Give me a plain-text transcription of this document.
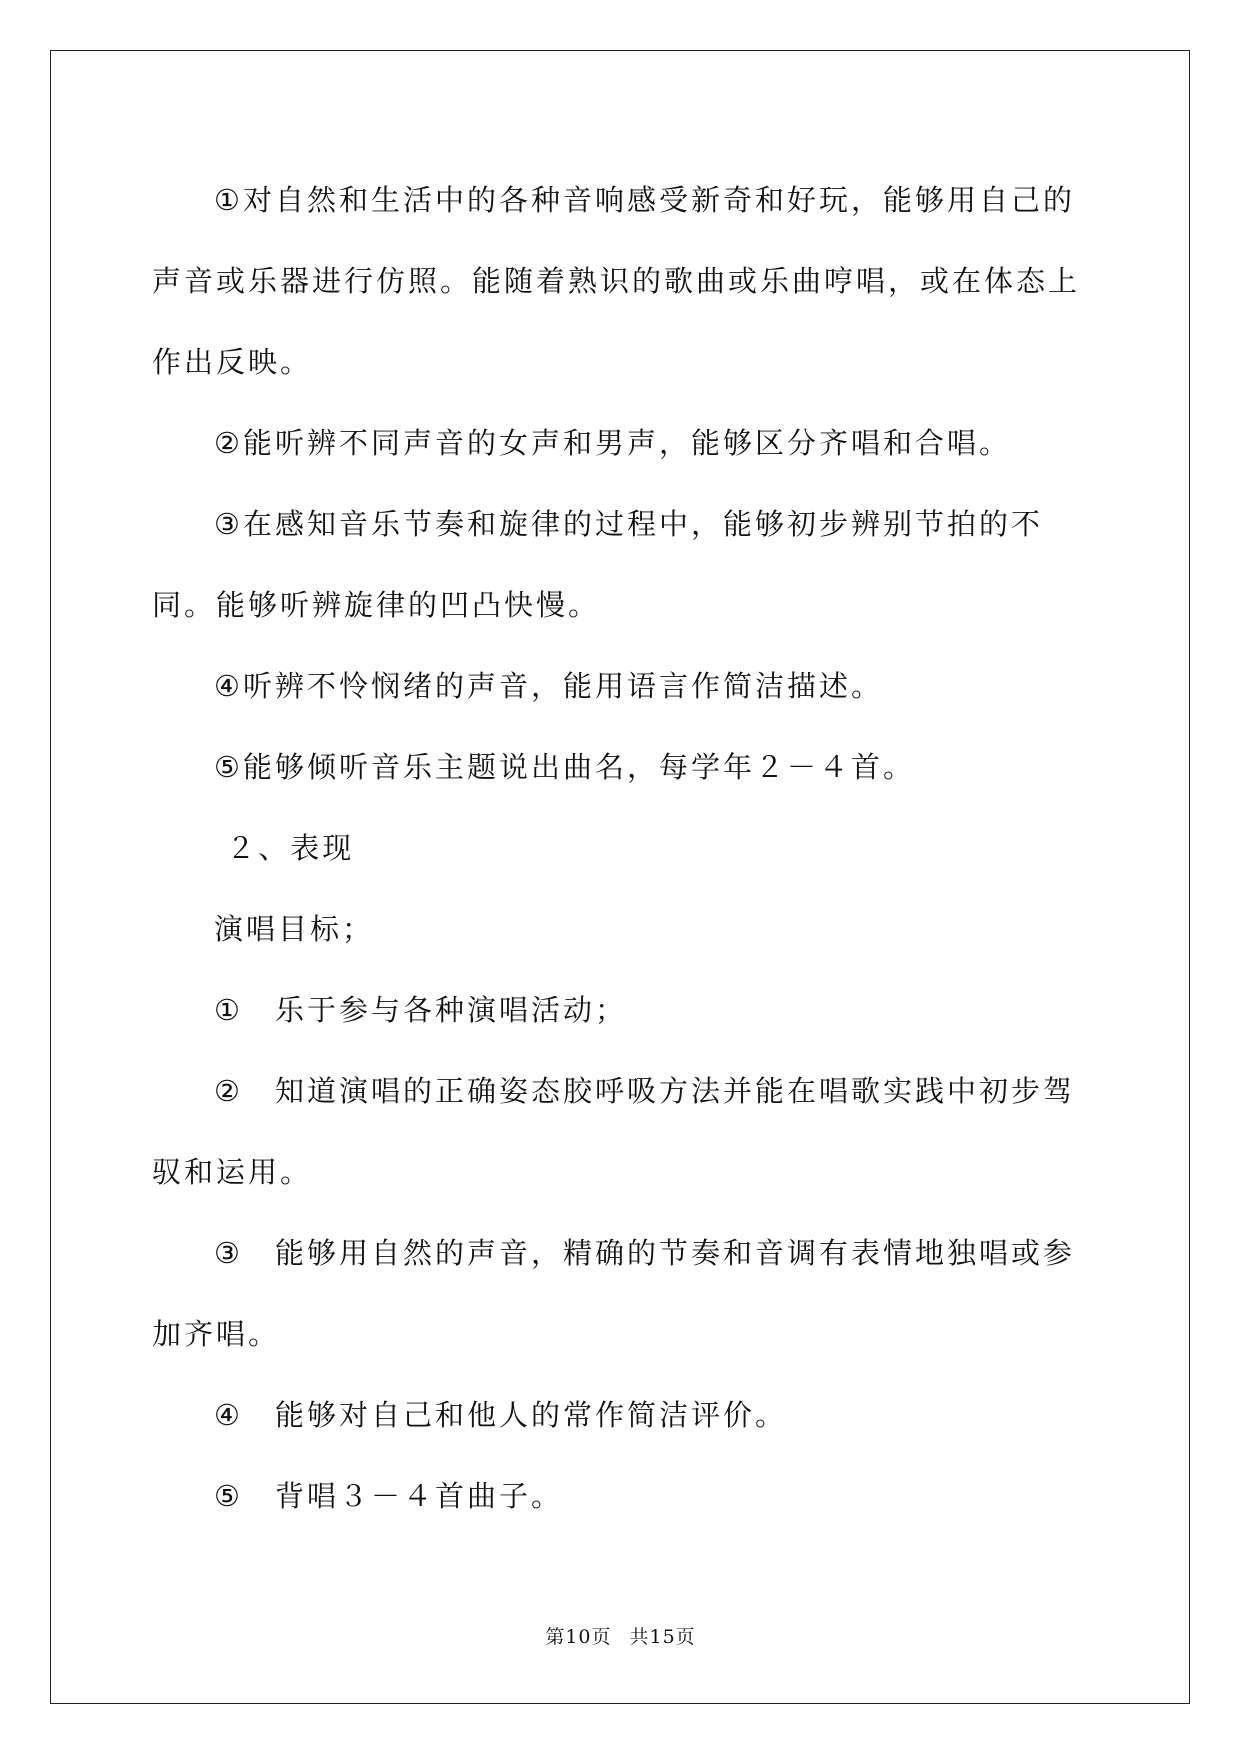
①对自然和生活中的各种音响感受新奇和好玩，能够用自己的声音或乐器进行仿照。能随着熟识的歌曲或乐曲哼唱，或在体态上作出反映。

②能听辨不同声音的女声和男声，能够区分齐唱和合唱。

③在感知音乐节奏和旋律的过程中，能够初步辨别节拍的不同。能够听辨旋律的凹凸快慢。

④听辨不怜悯绪的声音，能用语言作简洁描述。

⑤能够倾听音乐主题说出曲名，每学年２－４首。

２、表现

演唱目标；

①　乐于参与各种演唱活动；

②　知道演唱的正确姿态胶呼吸方法并能在唱歌实践中初步驾驭和运用。

③　能够用自然的声音，精确的节奏和音调有表情地独唱或参加齐唱。

④　能够对自己和他人的常作简洁评价。

⑤　背唱３－４首曲子。

第10页 共15页
